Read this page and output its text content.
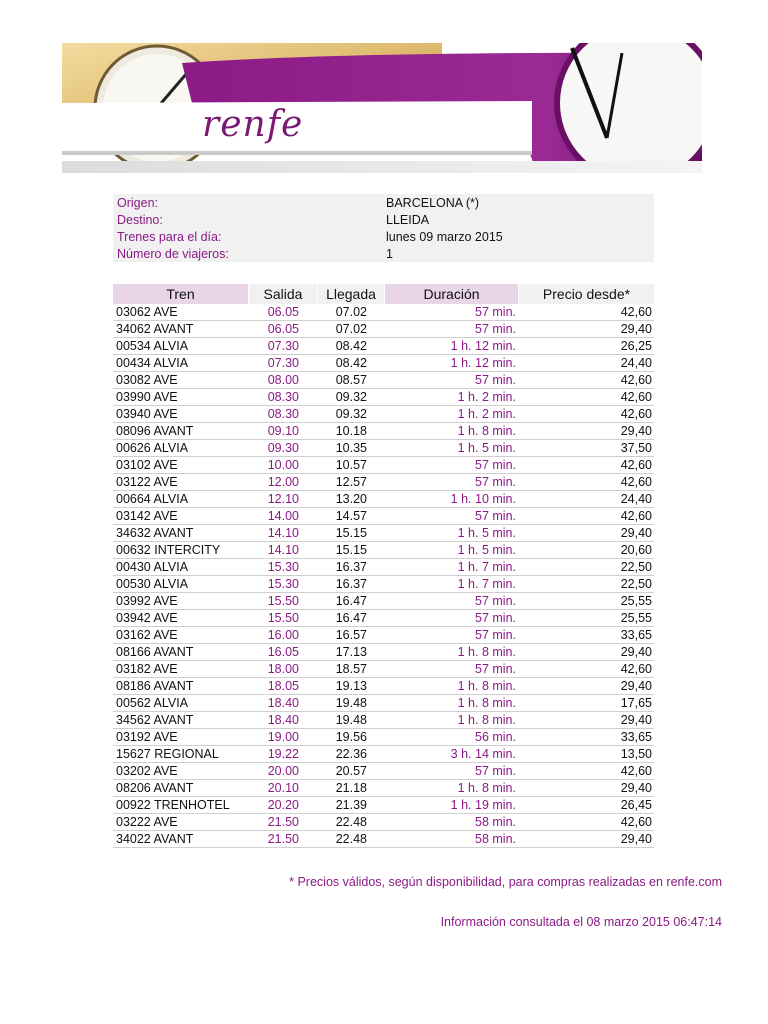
renfe
Origen:	BARCELONA (*)
Destino:	LLEIDA
Trenes para el día:	lunes 09 marzo 2015
Número de viajeros:	1
Tren	Salida	Llegada	Duración	Precio desde*
03062 AVE	06.05	07.02	57 min.	42,60
34062 AVANT	06.05	07.02	57 min.	29,40
00534 ALVIA	07.30	08.42	1 h. 12 min.	26,25
00434 ALVIA	07.30	08.42	1 h. 12 min.	24,40
03082 AVE	08.00	08.57	57 min.	42,60
03990 AVE	08.30	09.32	1 h. 2 min.	42,60
03940 AVE	08.30	09.32	1 h. 2 min.	42,60
08096 AVANT	09.10	10.18	1 h. 8 min.	29,40
00626 ALVIA	09.30	10.35	1 h. 5 min.	37,50
03102 AVE	10.00	10.57	57 min.	42,60
03122 AVE	12.00	12.57	57 min.	42,60
00664 ALVIA	12.10	13.20	1 h. 10 min.	24,40
03142 AVE	14.00	14.57	57 min.	42,60
34632 AVANT	14.10	15.15	1 h. 5 min.	29,40
00632 INTERCITY	14.10	15.15	1 h. 5 min.	20,60
00430 ALVIA	15.30	16.37	1 h. 7 min.	22,50
00530 ALVIA	15.30	16.37	1 h. 7 min.	22,50
03992 AVE	15.50	16.47	57 min.	25,55
03942 AVE	15.50	16.47	57 min.	25,55
03162 AVE	16.00	16.57	57 min.	33,65
08166 AVANT	16.05	17.13	1 h. 8 min.	29,40
03182 AVE	18.00	18.57	57 min.	42,60
08186 AVANT	18.05	19.13	1 h. 8 min.	29,40
00562 ALVIA	18.40	19.48	1 h. 8 min.	17,65
34562 AVANT	18.40	19.48	1 h. 8 min.	29,40
03192 AVE	19.00	19.56	56 min.	33,65
15627 REGIONAL	19.22	22.36	3 h. 14 min.	13,50
03202 AVE	20.00	20.57	57 min.	42,60
08206 AVANT	20.10	21.18	1 h. 8 min.	29,40
00922 TRENHOTEL	20.20	21.39	1 h. 19 min.	26,45
03222 AVE	21.50	22.48	58 min.	42,60
34022 AVANT	21.50	22.48	58 min.	29,40
* Precios válidos, según disponibilidad, para compras realizadas en renfe.com
Información consultada el 08 marzo 2015 06:47:14
